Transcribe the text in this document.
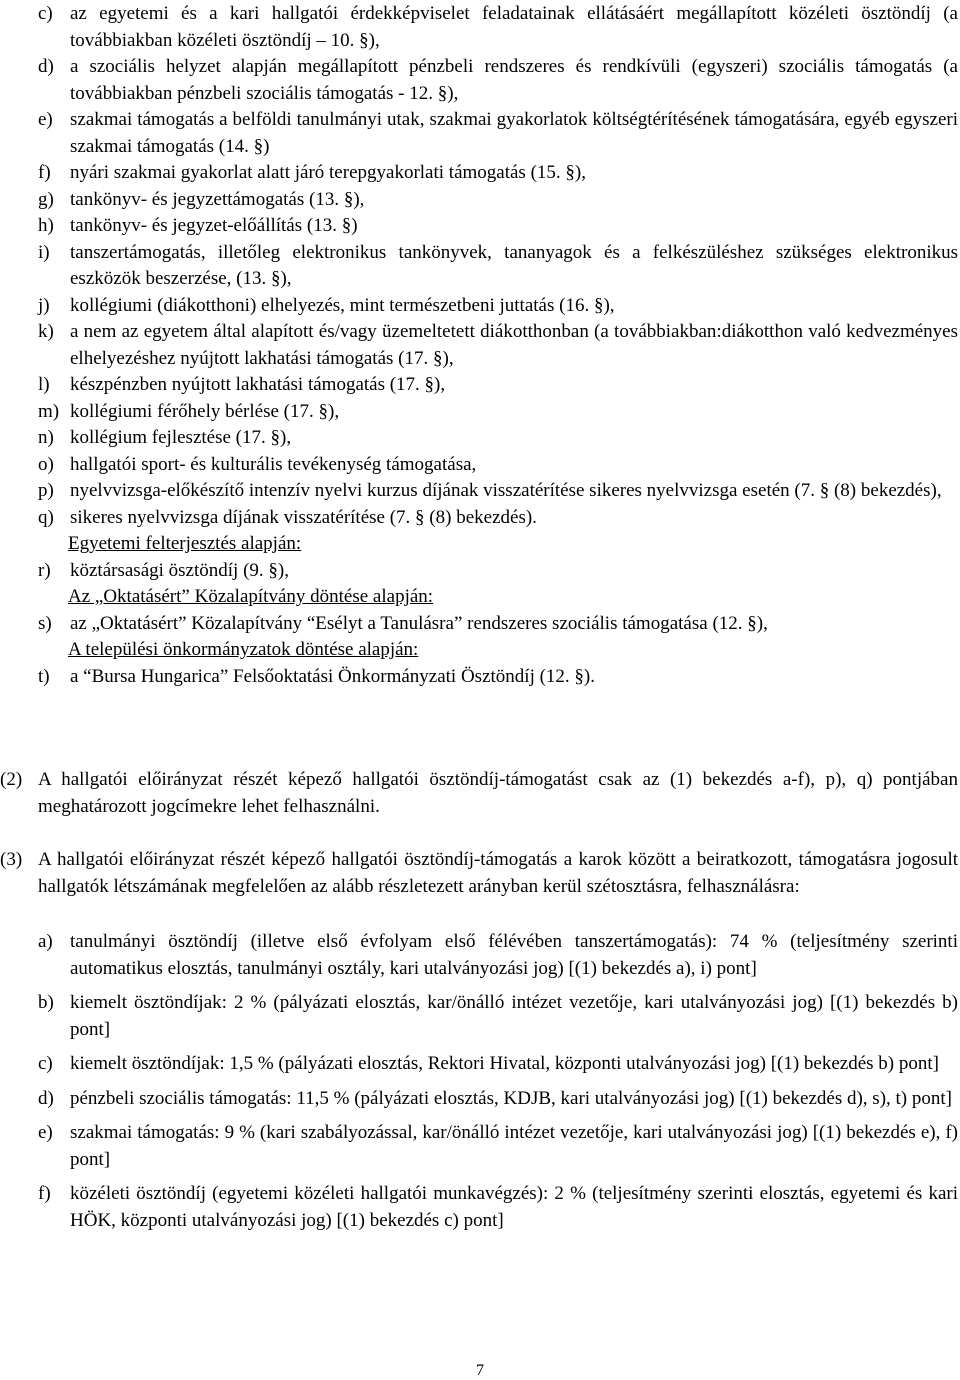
c) az egyetemi és a kari hallgatói érdekképviselet feladatainak ellátásáért megállapított közéleti ösztöndíj (a továbbiakban közéleti ösztöndíj – 10. §),
d) a szociális helyzet alapján megállapított pénzbeli rendszeres és rendkívüli (egyszeri) szociális támogatás (a továbbiakban pénzbeli szociális támogatás - 12. §),
e) szakmai támogatás a belföldi tanulmányi utak, szakmai gyakorlatok költségtérítésének támogatására, egyéb egyszeri szakmai támogatás (14. §)
f)	nyári szakmai gyakorlat alatt járó terepgyakorlati támogatás (15. §),
g) tankönyv- és jegyzettámogatás (13. §),
h) tankönyv- és jegyzet-előállítás (13. §)
i)	tanszertámogatás, illetőleg elektronikus tankönyvek, tananyagok és a felkészüléshez szükséges elektronikus eszközök beszerzése, (13. §),
j)	kollégiumi (diákotthoni) elhelyezés, mint természetbeni juttatás (16. §),
k) a nem az egyetem által alapított és/vagy üzemeltetett diákotthonban (a továbbiakban:diákotthon való kedvezményes elhelyezéshez nyújtott lakhatási támogatás (17. §),
l)	készpénzben nyújtott lakhatási támogatás (17. §),
m) kollégiumi férőhely bérlése (17. §),
n) kollégium fejlesztése (17. §),
o) hallgatói sport- és kulturális tevékenység támogatása,
p) nyelvvizsga-előkészítő intenzív nyelvi kurzus díjának visszatérítése sikeres nyelvvizsga esetén (7. § (8) bekezdés),
q) sikeres nyelvvizsga díjának visszatérítése (7. § (8) bekezdés).
Egyetemi felterjesztés alapján:
r)	köztársasági ösztöndíj (9. §),
Az „Oktatásért” Közalapítvány döntése alapján:
s) az „Oktatásért” Közalapítvány “Esélyt a Tanulásra” rendszeres szociális támogatása (12. §),
A települési önkormányzatok döntése alapján:
t)	a “Bursa Hungarica” Felsőoktatási Önkormányzati Ösztöndíj (12. §).
(2) A hallgatói előirányzat részét képező hallgatói ösztöndíj-támogatást csak az (1) bekezdés a-f), p), q) pontjában meghatározott jogcímekre lehet felhasználni.
(3) A hallgatói előirányzat részét képező hallgatói ösztöndíj-támogatás a karok között a beiratkozott, támogatásra jogosult hallgatók létszámának megfelelően az alább részletezett arányban kerül szétosztásra, felhasználásra:
a) tanulmányi ösztöndíj (illetve első évfolyam első félévében tanszertámogatás): 74 % (teljesítmény szerinti automatikus elosztás, tanulmányi osztály, kari utalványozási jog) [(1) bekezdés a), i) pont]
b) kiemelt ösztöndíjak: 2 % (pályázati elosztás, kar/önálló intézet vezetője, kari utalványozási jog) [(1) bekezdés b) pont]
c) kiemelt ösztöndíjak: 1,5 % (pályázati elosztás, Rektori Hivatal, központi utalványozási jog) [(1) bekezdés b) pont]
d) pénzbeli szociális támogatás: 11,5 % (pályázati elosztás, KDJB, kari utalványozási jog) [(1) bekezdés d), s), t) pont]
e) szakmai támogatás: 9 % (kari szabályozással, kar/önálló intézet vezetője, kari utalványozási jog) [(1) bekezdés e), f) pont]
f)	közéleti ösztöndíj (egyetemi közéleti hallgatói munkavégzés): 2 % (teljesítmény szerinti elosztás, egyetemi és kari HÖK, központi utalványozási jog) [(1) bekezdés c) pont]
7
